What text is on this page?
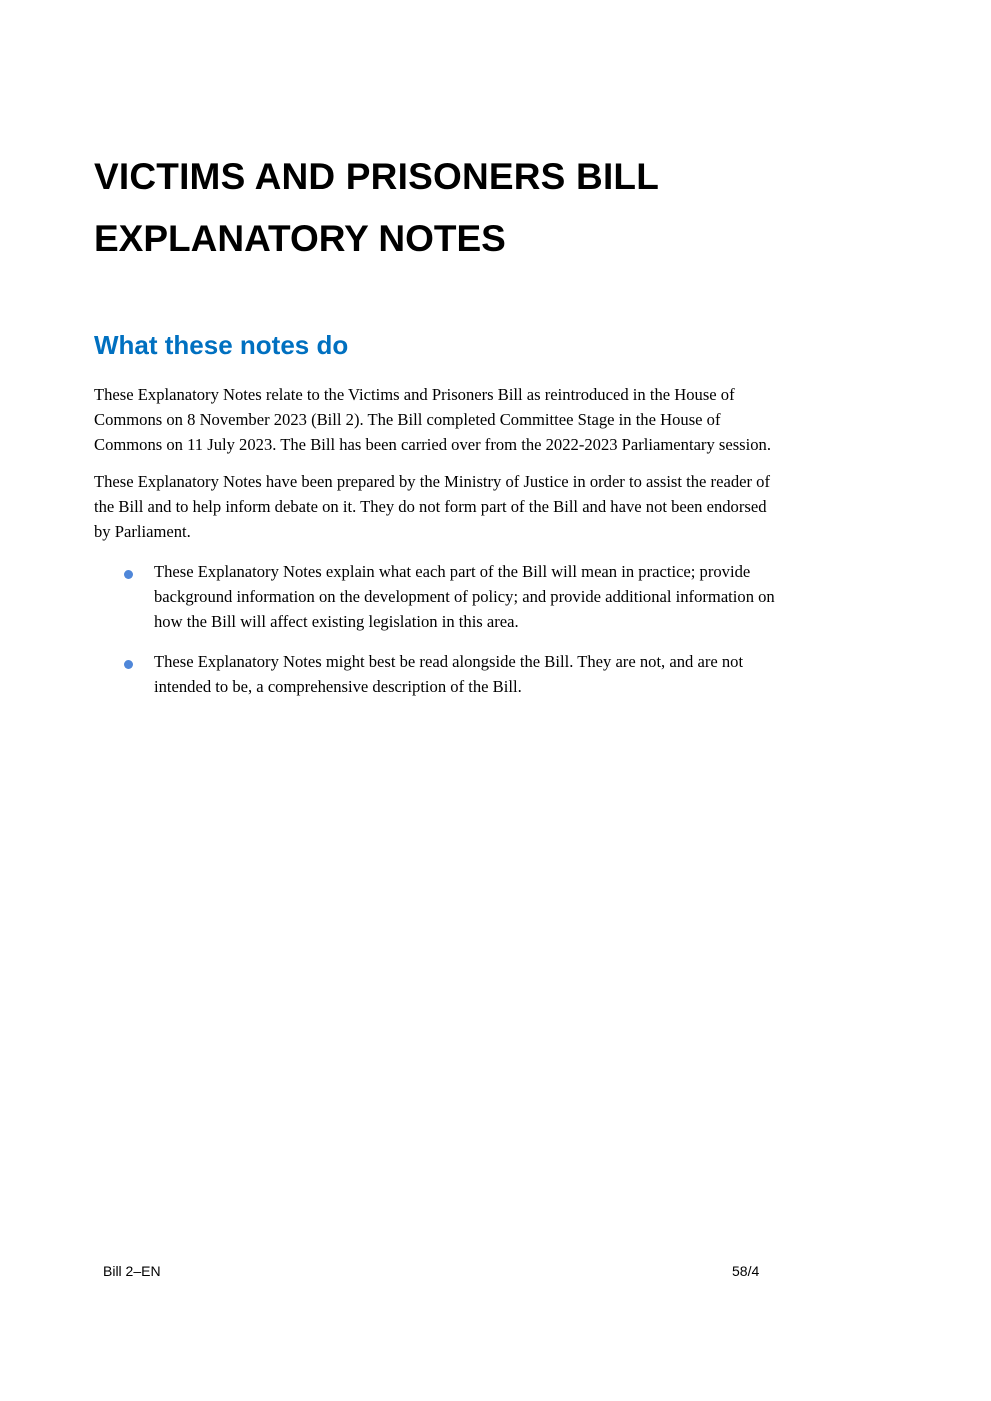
VICTIMS AND PRISONERS BILL
EXPLANATORY NOTES
What these notes do

These Explanatory Notes relate to the Victims and Prisoners Bill as reintroduced in the House of
Commons on 8 November 2023 (Bill 2). The Bill completed Committee Stage in the House of
Commons on 11 July 2023. The Bill has been carried over from the 2022-2023 Parliamentary session.

These Explanatory Notes have been prepared by the Ministry of Justice in order to assist the reader of
the Bill and to help inform debate on it. They do not form part of the Bill and have not been endorsed
by Parliament.

These Explanatory Notes explain what each part of the Bill will mean in practice; provide
background information on the development of policy; and provide additional information on
how the Bill will affect existing legislation in this area.

These Explanatory Notes might best be read alongside the Bill. They are not, and are not
intended to be, a comprehensive description of the Bill.

Bill 2–EN	58/4
